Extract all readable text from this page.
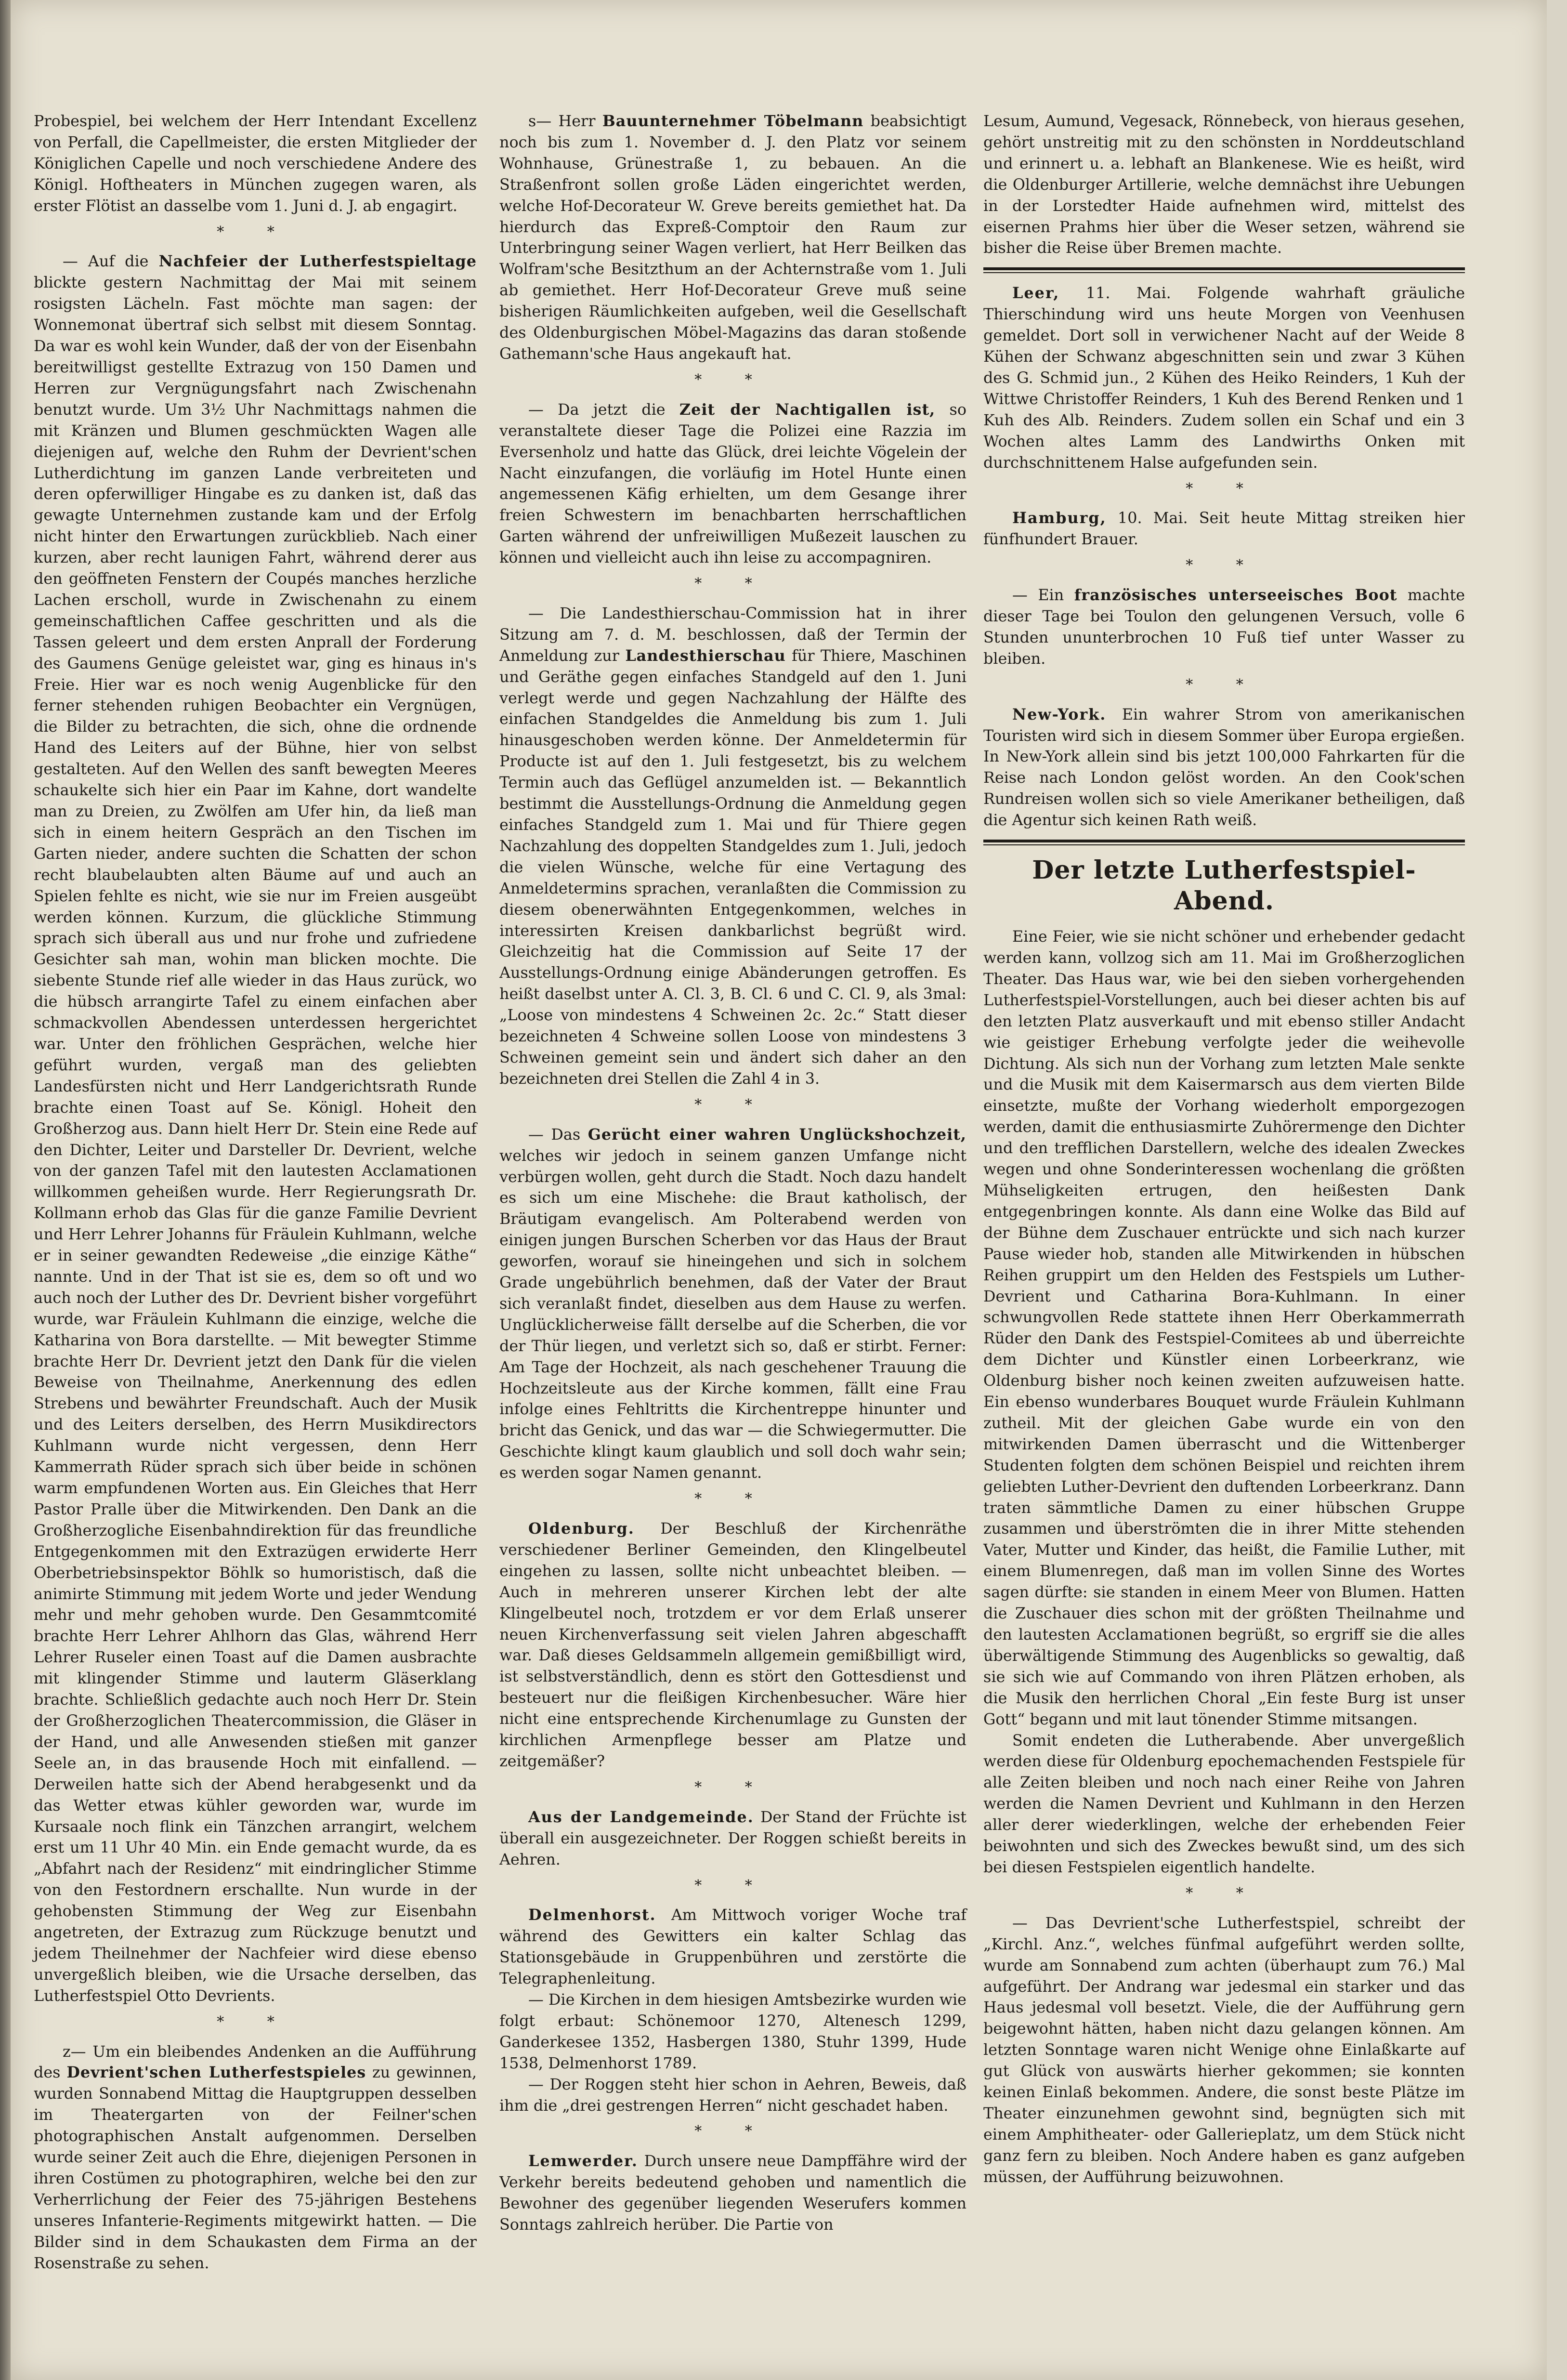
Probespiel, bei welchem der Herr Intendant Excellenz von Perfall, die Capellmeister, die ersten Mitglieder der Königlichen Capelle und noch verschiedene Andere des Königl. Hoftheaters in München zugegen waren, als erster Flötist an dasselbe vom 1. Juni d. J. ab engagirt.

* *

— Auf die Nachfeier der Lutherfestspieltage blickte gestern Nachmittag der Mai mit seinem rosigsten Lächeln. Fast möchte man sagen: der Wonnemonat übertraf sich selbst mit diesem Sonntag. Da war es wohl kein Wunder, daß der von der Eisenbahn bereitwilligst gestellte Extrazug von 150 Damen und Herren zur Vergnügungsfahrt nach Zwischenahn benutzt wurde. Um 3½ Uhr Nachmittags nahmen die mit Kränzen und Blumen geschmückten Wagen alle diejenigen auf, welche den Ruhm der Devrient'schen Lutherdichtung im ganzen Lande verbreiteten und deren opferwilliger Hingabe es zu danken ist, daß das gewagte Unternehmen zustande kam und der Erfolg nicht hinter den Erwartungen zurückblieb. Nach einer kurzen, aber recht launigen Fahrt, während derer aus den geöffneten Fenstern der Coupés manches herzliche Lachen erscholl, wurde in Zwischenahn zu einem gemeinschaftlichen Caffee geschritten und als die Tassen geleert und dem ersten Anprall der Forderung des Gaumens Genüge geleistet war, ging es hinaus in's Freie. Hier war es noch wenig Augenblicke für den ferner stehenden ruhigen Beobachter ein Vergnügen, die Bilder zu betrachten, die sich, ohne die ordnende Hand des Leiters auf der Bühne, hier von selbst gestalteten. Auf den Wellen des sanft bewegten Meeres schaukelte sich hier ein Paar im Kahne, dort wandelte man zu Dreien, zu Zwölfen am Ufer hin, da ließ man sich in einem heitern Gespräch an den Tischen im Garten nieder, andere suchten die Schatten der schon recht blaubelaubten alten Bäume auf und auch an Spielen fehlte es nicht, wie sie nur im Freien ausgeübt werden können. Kurzum, die glückliche Stimmung sprach sich überall aus und nur frohe und zufriedene Gesichter sah man, wohin man blicken mochte. Die siebente Stunde rief alle wieder in das Haus zurück, wo die hübsch arrangirte Tafel zu einem einfachen aber schmackvollen Abendessen unterdessen hergerichtet war. Unter den fröhlichen Gesprächen, welche hier geführt wurden, vergaß man des geliebten Landesfürsten nicht und Herr Landgerichtsrath Runde brachte einen Toast auf Se. Königl. Hoheit den Großherzog aus. Dann hielt Herr Dr. Stein eine Rede auf den Dichter, Leiter und Darsteller Dr. Devrient, welche von der ganzen Tafel mit den lautesten Acclamationen willkommen geheißen wurde. Herr Regierungsrath Dr. Kollmann erhob das Glas für die ganze Familie Devrient und Herr Lehrer Johanns für Fräulein Kuhlmann, welche er in seiner gewandten Redeweise „die einzige Käthe“ nannte. Und in der That ist sie es, dem so oft und wo auch noch der Luther des Dr. Devrient bisher vorgeführt wurde, war Fräulein Kuhlmann die einzige, welche die Katharina von Bora darstellte. — Mit bewegter Stimme brachte Herr Dr. Devrient jetzt den Dank für die vielen Beweise von Theilnahme, Anerkennung des edlen Strebens und bewährter Freundschaft. Auch der Musik und des Leiters derselben, des Herrn Musikdirectors Kuhlmann wurde nicht vergessen, denn Herr Kammerrath Rüder sprach sich über beide in schönen warm empfundenen Worten aus. Ein Gleiches that Herr Pastor Pralle über die Mitwirkenden. Den Dank an die Großherzogliche Eisenbahndirektion für das freundliche Entgegenkommen mit den Extrazügen erwiderte Herr Oberbetriebsinspektor Böhlk so humoristisch, daß die animirte Stimmung mit jedem Worte und jeder Wendung mehr und mehr gehoben wurde. Den Gesammtcomité brachte Herr Lehrer Ahlhorn das Glas, während Herr Lehrer Ruseler einen Toast auf die Damen ausbrachte mit klingender Stimme und lauterm Gläserklang brachte. Schließlich gedachte auch noch Herr Dr. Stein der Großherzoglichen Theatercommission, die Gläser in der Hand, und alle Anwesenden stießen mit ganzer Seele an, in das brausende Hoch mit einfallend. — Derweilen hatte sich der Abend herabgesenkt und da das Wetter etwas kühler geworden war, wurde im Kursaale noch flink ein Tänzchen arrangirt, welchem erst um 11 Uhr 40 Min. ein Ende gemacht wurde, da es „Abfahrt nach der Residenz“ mit eindringlicher Stimme von den Festordnern erschallte. Nun wurde in der gehobensten Stimmung der Weg zur Eisenbahn angetreten, der Extrazug zum Rückzuge benutzt und jedem Theilnehmer der Nachfeier wird diese ebenso unvergeßlich bleiben, wie die Ursache derselben, das Lutherfestspiel Otto Devrients.

* *

z— Um ein bleibendes Andenken an die Aufführung des Devrient'schen Lutherfestspieles zu gewinnen, wurden Sonnabend Mittag die Hauptgruppen desselben im Theatergarten von der Feilner'schen photographischen Anstalt aufgenommen. Derselben wurde seiner Zeit auch die Ehre, diejenigen Personen in ihren Costümen zu photographiren, welche bei den zur Verherrlichung der Feier des 75-jährigen Bestehens unseres Infanterie-Regiments mitgewirkt hatten. — Die Bilder sind in dem Schaukasten dem Firma an der Rosenstraße zu sehen.

s— Herr Bauunternehmer Töbelmann beabsichtigt noch bis zum 1. November d. J. den Platz vor seinem Wohnhause, Grünestraße 1, zu bebauen. An die Straßenfront sollen große Läden eingerichtet werden, welche Hof-Decorateur W. Greve bereits gemiethet hat. Da hierdurch das Expreß-Comptoir den Raum zur Unterbringung seiner Wagen verliert, hat Herr Beilken das Wolfram'sche Besitzthum an der Achternstraße vom 1. Juli ab gemiethet. Herr Hof-Decorateur Greve muß seine bisherigen Räumlichkeiten aufgeben, weil die Gesellschaft des Oldenburgischen Möbel-Magazins das daran stoßende Gathemann'sche Haus angekauft hat.

* *

— Da jetzt die Zeit der Nachtigallen ist, so veranstaltete dieser Tage die Polizei eine Razzia im Eversenholz und hatte das Glück, drei leichte Vögelein der Nacht einzufangen, die vorläufig im Hotel Hunte einen angemessenen Käfig erhielten, um dem Gesange ihrer freien Schwestern im benachbarten herrschaftlichen Garten während der unfreiwilligen Mußezeit lauschen zu können und vielleicht auch ihn leise zu accompagniren.

* *

— Die Landesthierschau-Commission hat in ihrer Sitzung am 7. d. M. beschlossen, daß der Termin der Anmeldung zur Landesthierschau für Thiere, Maschinen und Geräthe gegen einfaches Standgeld auf den 1. Juni verlegt werde und gegen Nachzahlung der Hälfte des einfachen Standgeldes die Anmeldung bis zum 1. Juli hinausgeschoben werden könne. Der Anmeldetermin für Producte ist auf den 1. Juli festgesetzt, bis zu welchem Termin auch das Geflügel anzumelden ist. — Bekanntlich bestimmt die Ausstellungs-Ordnung die Anmeldung gegen einfaches Standgeld zum 1. Mai und für Thiere gegen Nachzahlung des doppelten Standgeldes zum 1. Juli, jedoch die vielen Wünsche, welche für eine Vertagung des Anmeldetermins sprachen, veranlaßten die Commission zu diesem obenerwähnten Entgegenkommen, welches in interessirten Kreisen dankbarlichst begrüßt wird. Gleichzeitig hat die Commission auf Seite 17 der Ausstellungs-Ordnung einige Abänderungen getroffen. Es heißt daselbst unter A. Cl. 3, B. Cl. 6 und C. Cl. 9, als 3mal: „Loose von mindestens 4 Schweinen 2c. 2c.“ Statt dieser bezeichneten 4 Schweine sollen Loose von mindestens 3 Schweinen gemeint sein und ändert sich daher an den bezeichneten drei Stellen die Zahl 4 in 3.

* *

— Das Gerücht einer wahren Unglückshochzeit, welches wir jedoch in seinem ganzen Umfange nicht verbürgen wollen, geht durch die Stadt. Noch dazu handelt es sich um eine Mischehe: die Braut katholisch, der Bräutigam evangelisch. Am Polterabend werden von einigen jungen Burschen Scherben vor das Haus der Braut geworfen, worauf sie hineingehen und sich in solchem Grade ungebührlich benehmen, daß der Vater der Braut sich veranlaßt findet, dieselben aus dem Hause zu werfen. Unglücklicherweise fällt derselbe auf die Scherben, die vor der Thür liegen, und verletzt sich so, daß er stirbt. Ferner: Am Tage der Hochzeit, als nach geschehener Trauung die Hochzeitsleute aus der Kirche kommen, fällt eine Frau infolge eines Fehltritts die Kirchentreppe hinunter und bricht das Genick, und das war — die Schwiegermutter. Die Geschichte klingt kaum glaublich und soll doch wahr sein; es werden sogar Namen genannt.

* *

Oldenburg. Der Beschluß der Kirchenräthe verschiedener Berliner Gemeinden, den Klingelbeutel eingehen zu lassen, sollte nicht unbeachtet bleiben. — Auch in mehreren unserer Kirchen lebt der alte Klingelbeutel noch, trotzdem er vor dem Erlaß unserer neuen Kirchenverfassung seit vielen Jahren abgeschafft war. Daß dieses Geldsammeln allgemein gemißbilligt wird, ist selbstverständlich, denn es stört den Gottesdienst und besteuert nur die fleißigen Kirchenbesucher. Wäre hier nicht eine entsprechende Kirchenumlage zu Gunsten der kirchlichen Armenpflege besser am Platze und zeitgemäßer?

* *

Aus der Landgemeinde. Der Stand der Früchte ist überall ein ausgezeichneter. Der Roggen schießt bereits in Aehren.

* *

Delmenhorst. Am Mittwoch voriger Woche traf während des Gewitters ein kalter Schlag das Stationsgebäude in Gruppenbühren und zerstörte die Telegraphenleitung.

— Die Kirchen in dem hiesigen Amtsbezirke wurden wie folgt erbaut: Schönemoor 1270, Altenesch 1299, Ganderkesee 1352, Hasbergen 1380, Stuhr 1399, Hude 1538, Delmenhorst 1789.

— Der Roggen steht hier schon in Aehren, Beweis, daß ihm die „drei gestrengen Herren“ nicht geschadet haben.

* *

Lemwerder. Durch unsere neue Dampffähre wird der Verkehr bereits bedeutend gehoben und namentlich die Bewohner des gegenüber liegenden Weserufers kommen Sonntags zahlreich herüber. Die Partie von

Lesum, Aumund, Vegesack, Rönnebeck, von hieraus gesehen, gehört unstreitig mit zu den schönsten in Norddeutschland und erinnert u. a. lebhaft an Blankenese. Wie es heißt, wird die Oldenburger Artillerie, welche demnächst ihre Uebungen in der Lorstedter Haide aufnehmen wird, mittelst des eisernen Prahms hier über die Weser setzen, während sie bisher die Reise über Bremen machte.

Leer, 11. Mai. Folgende wahrhaft gräuliche Thierschindung wird uns heute Morgen von Veenhusen gemeldet. Dort soll in verwichener Nacht auf der Weide 8 Kühen der Schwanz abgeschnitten sein und zwar 3 Kühen des G. Schmid jun., 2 Kühen des Heiko Reinders, 1 Kuh der Wittwe Christoffer Reinders, 1 Kuh des Berend Renken und 1 Kuh des Alb. Reinders. Zudem sollen ein Schaf und ein 3 Wochen altes Lamm des Landwirths Onken mit durchschnittenem Halse aufgefunden sein.

* *

Hamburg, 10. Mai. Seit heute Mittag streiken hier fünfhundert Brauer.

* *

— Ein französisches unterseeisches Boot machte dieser Tage bei Toulon den gelungenen Versuch, volle 6 Stunden ununterbrochen 10 Fuß tief unter Wasser zu bleiben.

* *

New-York. Ein wahrer Strom von amerikanischen Touristen wird sich in diesem Sommer über Europa ergießen. In New-York allein sind bis jetzt 100,000 Fahrkarten für die Reise nach London gelöst worden. An den Cook'schen Rundreisen wollen sich so viele Amerikaner betheiligen, daß die Agentur sich keinen Rath weiß.

Der letzte Lutherfestspiel-Abend.

Eine Feier, wie sie nicht schöner und erhebender gedacht werden kann, vollzog sich am 11. Mai im Großherzoglichen Theater. Das Haus war, wie bei den sieben vorhergehenden Lutherfestspiel-Vorstellungen, auch bei dieser achten bis auf den letzten Platz ausverkauft und mit ebenso stiller Andacht wie geistiger Erhebung verfolgte jeder die weihevolle Dichtung. Als sich nun der Vorhang zum letzten Male senkte und die Musik mit dem Kaisermarsch aus dem vierten Bilde einsetzte, mußte der Vorhang wiederholt emporgezogen werden, damit die enthusiasmirte Zuhörermenge den Dichter und den trefflichen Darstellern, welche des idealen Zweckes wegen und ohne Sonderinteressen wochenlang die größten Mühseligkeiten ertrugen, den heißesten Dank entgegenbringen konnte. Als dann eine Wolke das Bild auf der Bühne dem Zuschauer entrückte und sich nach kurzer Pause wieder hob, standen alle Mitwirkenden in hübschen Reihen gruppirt um den Helden des Festspiels um Luther-Devrient und Catharina Bora-Kuhlmann. In einer schwungvollen Rede stattete ihnen Herr Oberkammerrath Rüder den Dank des Festspiel-Comitees ab und überreichte dem Dichter und Künstler einen Lorbeerkranz, wie Oldenburg bisher noch keinen zweiten aufzuweisen hatte. Ein ebenso wunderbares Bouquet wurde Fräulein Kuhlmann zutheil. Mit der gleichen Gabe wurde ein von den mitwirkenden Damen überrascht und die Wittenberger Studenten folgten dem schönen Beispiel und reichten ihrem geliebten Luther-Devrient den duftenden Lorbeerkranz. Dann traten sämmtliche Damen zu einer hübschen Gruppe zusammen und überströmten die in ihrer Mitte stehenden Vater, Mutter und Kinder, das heißt, die Familie Luther, mit einem Blumenregen, daß man im vollen Sinne des Wortes sagen dürfte: sie standen in einem Meer von Blumen. Hatten die Zuschauer dies schon mit der größten Theilnahme und den lautesten Acclamationen begrüßt, so ergriff sie die alles überwältigende Stimmung des Augenblicks so gewaltig, daß sie sich wie auf Commando von ihren Plätzen erhoben, als die Musik den herrlichen Choral „Ein feste Burg ist unser Gott“ begann und mit laut tönender Stimme mitsangen.

Somit endeten die Lutherabende. Aber unvergeßlich werden diese für Oldenburg epochemachenden Festspiele für alle Zeiten bleiben und noch nach einer Reihe von Jahren werden die Namen Devrient und Kuhlmann in den Herzen aller derer wiederklingen, welche der erhebenden Feier beiwohnten und sich des Zweckes bewußt sind, um des sich bei diesen Festspielen eigentlich handelte.

* *

— Das Devrient'sche Lutherfestspiel, schreibt der „Kirchl. Anz.“, welches fünfmal aufgeführt werden sollte, wurde am Sonnabend zum achten (überhaupt zum 76.) Mal aufgeführt. Der Andrang war jedesmal ein starker und das Haus jedesmal voll besetzt. Viele, die der Aufführung gern beigewohnt hätten, haben nicht dazu gelangen können. Am letzten Sonntage waren nicht Wenige ohne Einlaßkarte auf gut Glück von auswärts hierher gekommen; sie konnten keinen Einlaß bekommen. Andere, die sonst beste Plätze im Theater einzunehmen gewohnt sind, begnügten sich mit einem Amphitheater- oder Gallerieplatz, um dem Stück nicht ganz fern zu bleiben. Noch Andere haben es ganz aufgeben müssen, der Aufführung beizuwohnen.
